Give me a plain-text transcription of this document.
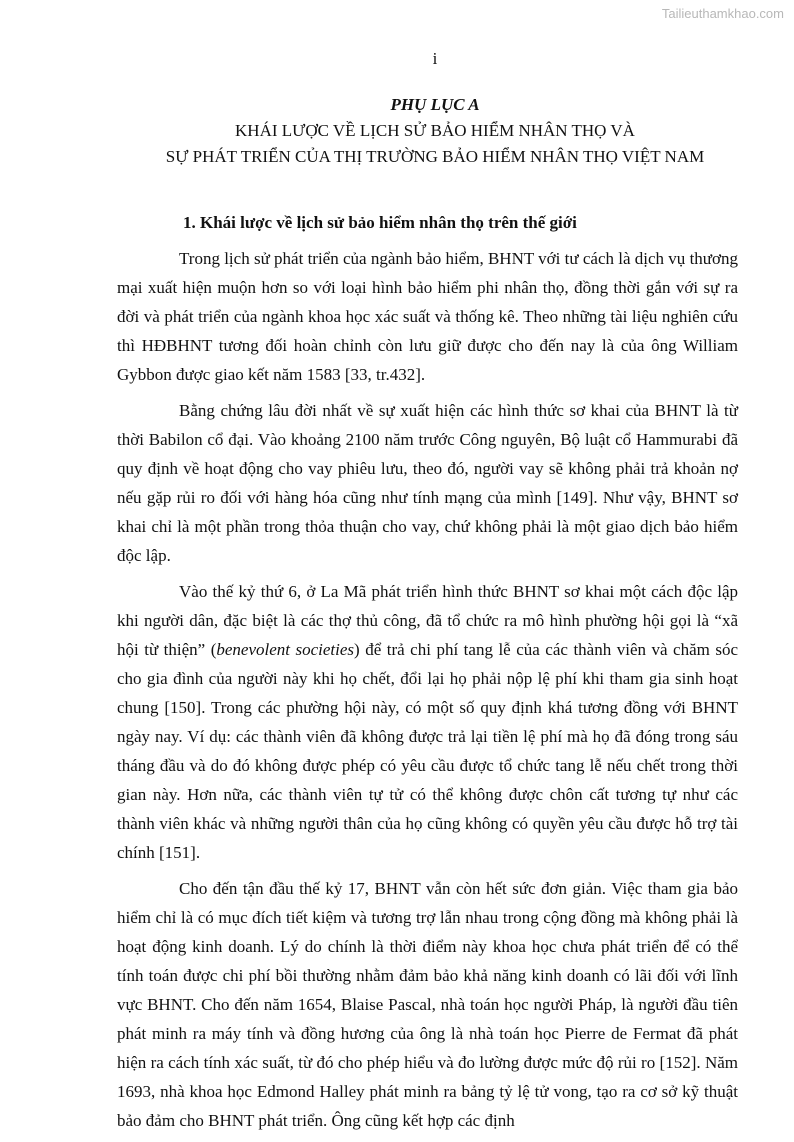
Tailieuthamkhao.com
i
PHỤ LỤC A
KHÁI LƯỢC VỀ LỊCH SỬ BẢO HIỂM NHÂN THỌ VÀ
SỰ PHÁT TRIỂN CỦA THỊ TRƯỜNG BẢO HIỂM NHÂN THỌ VIỆT NAM
1. Khái lược về lịch sử bảo hiểm nhân thọ trên thế giới

Trong lịch sử phát triển của ngành bảo hiểm, BHNT với tư cách là dịch vụ thương mại xuất hiện muộn hơn so với loại hình bảo hiểm phi nhân thọ, đồng thời gắn với sự ra đời và phát triển của ngành khoa học xác suất và thống kê. Theo những tài liệu nghiên cứu thì HĐBHNT tương đối hoàn chỉnh còn lưu giữ được cho đến nay là của ông William Gybbon được giao kết năm 1583 [33, tr.432].

Bằng chứng lâu đời nhất về sự xuất hiện các hình thức sơ khai của BHNT là từ thời Babilon cổ đại. Vào khoảng 2100 năm trước Công nguyên, Bộ luật cổ Hammurabi đã quy định về hoạt động cho vay phiêu lưu, theo đó, người vay sẽ không phải trả khoản nợ nếu gặp rủi ro đối với hàng hóa cũng như tính mạng của mình [149]. Như vậy, BHNT sơ khai chỉ là một phần trong thỏa thuận cho vay, chứ không phải là một giao dịch bảo hiểm độc lập.

Vào thế kỷ thứ 6, ở La Mã phát triển hình thức BHNT sơ khai một cách độc lập khi người dân, đặc biệt là các thợ thủ công, đã tổ chức ra mô hình phường hội gọi là “xã hội từ thiện” (benevolent societies) để trả chi phí tang lễ của các thành viên và chăm sóc cho gia đình của người này khi họ chết, đổi lại họ phải nộp lệ phí khi tham gia sinh hoạt chung [150]. Trong các phường hội này, có một số quy định khá tương đồng với BHNT ngày nay. Ví dụ: các thành viên đã không được trả lại tiền lệ phí mà họ đã đóng trong sáu tháng đầu và do đó không được phép có yêu cầu được tổ chức tang lễ nếu chết trong thời gian này. Hơn nữa, các thành viên tự tử có thể không được chôn cất tương tự như các thành viên khác và những người thân của họ cũng không có quyền yêu cầu được hỗ trợ tài chính [151].

Cho đến tận đầu thế kỷ 17, BHNT vẫn còn hết sức đơn giản. Việc tham gia bảo hiểm chỉ là có mục đích tiết kiệm và tương trợ lẫn nhau trong cộng đồng mà không phải là hoạt động kinh doanh. Lý do chính là thời điểm này khoa học chưa phát triển để có thể tính toán được chi phí bồi thường nhằm đảm bảo khả năng kinh doanh có lãi đối với lĩnh vực BHNT. Cho đến năm 1654, Blaise Pascal, nhà toán học người Pháp, là người đầu tiên phát minh ra máy tính và đồng hương của ông là nhà toán học Pierre de Fermat đã phát hiện ra cách tính xác suất, từ đó cho phép hiểu và đo lường được mức độ rủi ro [152]. Năm 1693, nhà khoa học Edmond Halley phát minh ra bảng tỷ lệ tử vong, tạo ra cơ sở kỹ thuật bảo đảm cho BHNT phát triển. Ông cũng kết hợp các định
